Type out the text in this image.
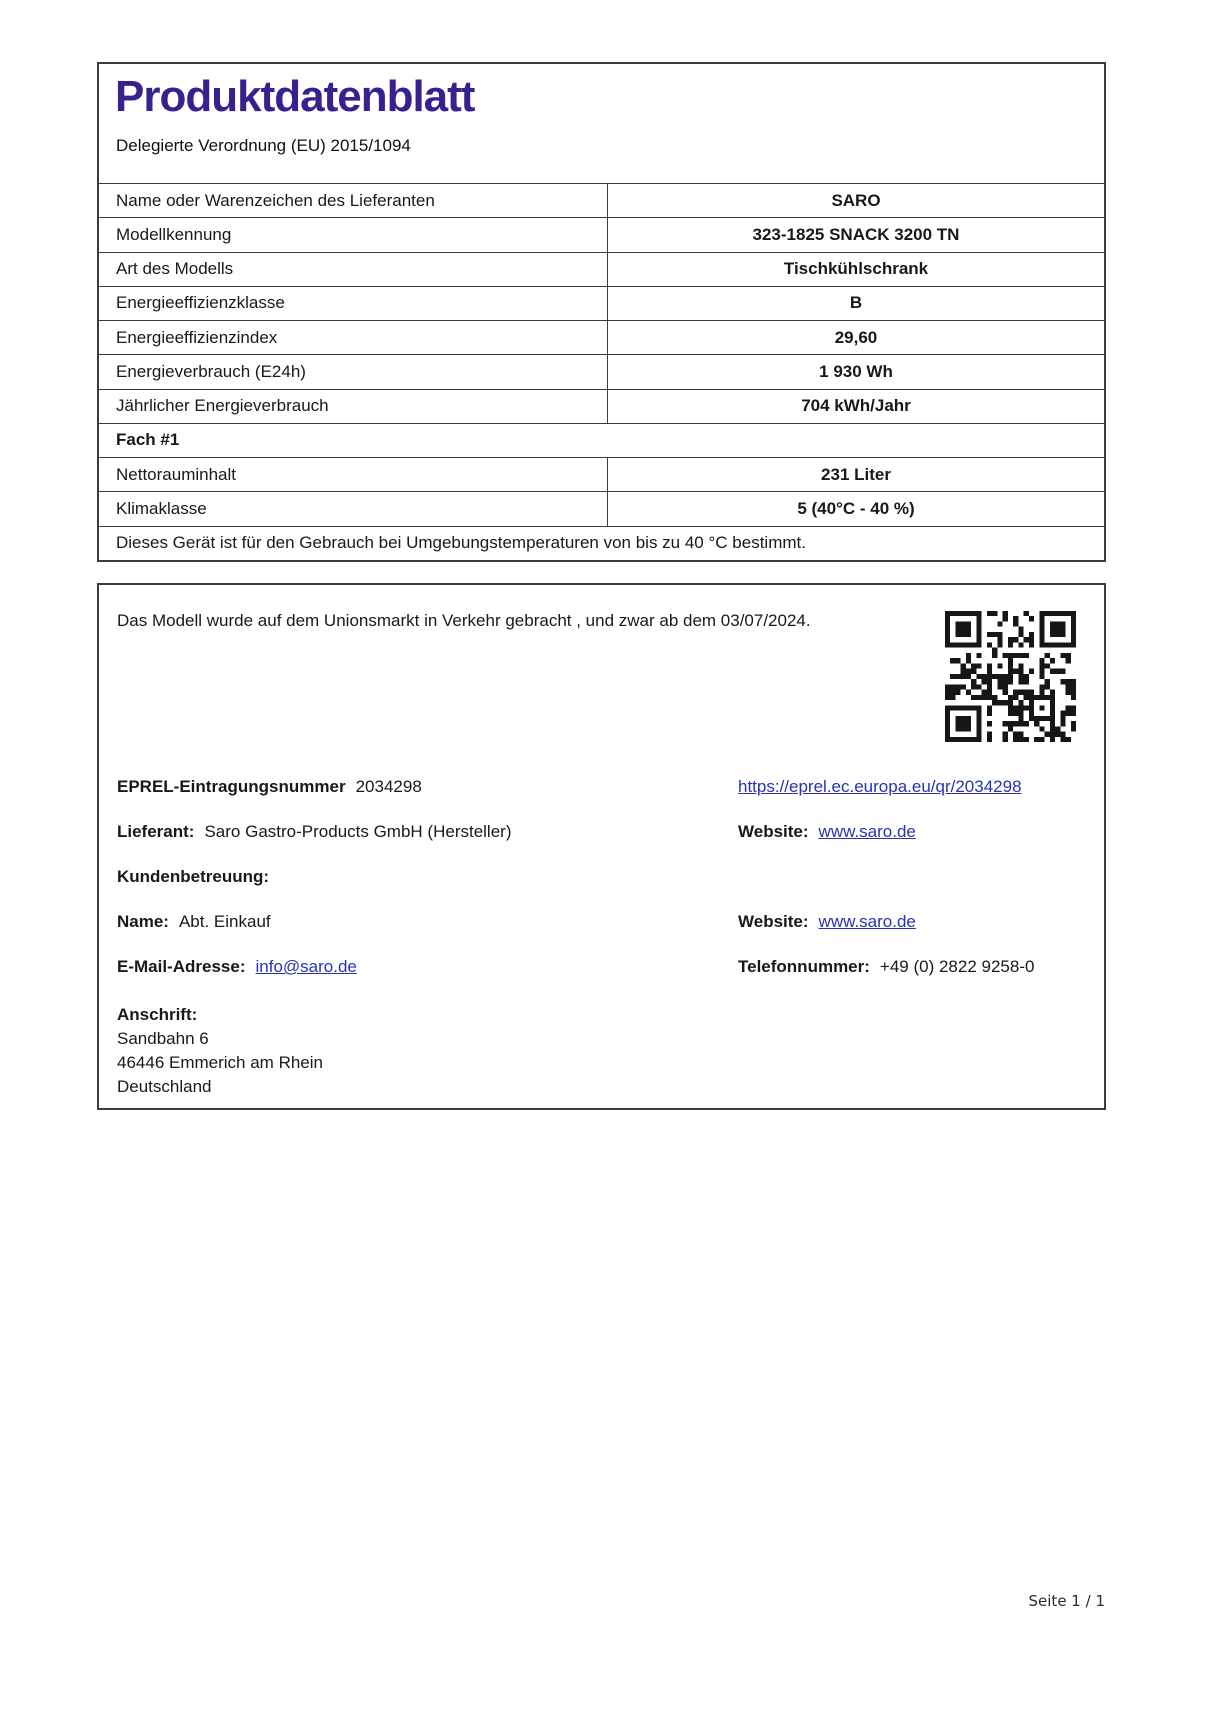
Produktdatenblatt
Delegierte Verordnung (EU) 2015/1094
Name oder Warenzeichen des Lieferanten	SARO
Modellkennung	323-1825 SNACK 3200 TN
Art des Modells	Tischkühlschrank
Energieeffizienzklasse	B
Energieeffizienzindex	29,60
Energieverbrauch (E24h)	1 930 Wh
Jährlicher Energieverbrauch	704 kWh/Jahr
Fach #1
Nettorauminhalt	231 Liter
Klimaklasse	5 (40°C - 40 %)
Dieses Gerät ist für den Gebrauch bei Umgebungstemperaturen von bis zu 40 °C bestimmt.
Das Modell wurde auf dem Unionsmarkt in Verkehr gebracht , und zwar ab dem 03/07/2024.
EPREL-Eintragungsnummer 2034298	https://eprel.ec.europa.eu/qr/2034298
Lieferant: Saro Gastro-Products GmbH (Hersteller)	Website: www.saro.de
Kundenbetreuung:
Name: Abt. Einkauf	Website: www.saro.de
E-Mail-Adresse: info@saro.de	Telefonnummer: +49 (0) 2822 9258-0
Anschrift:
Sandbahn 6
46446 Emmerich am Rhein
Deutschland
Seite 1 / 1
